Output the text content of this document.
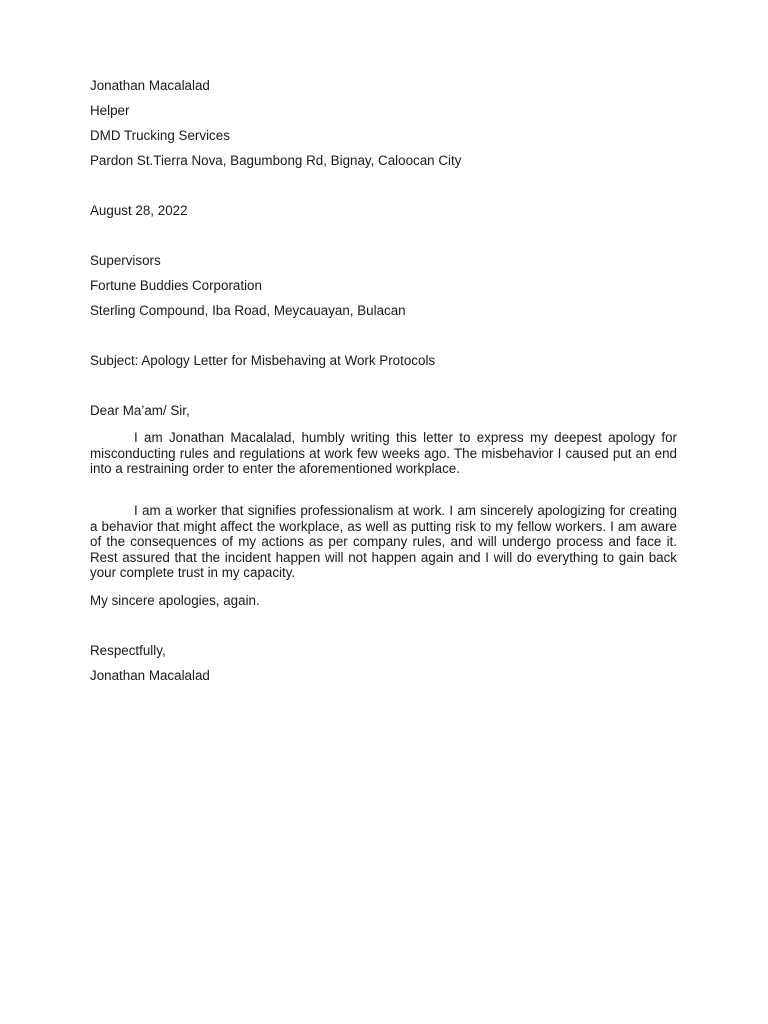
Jonathan Macalalad
Helper
DMD Trucking Services
Pardon St.Tierra Nova, Bagumbong Rd, Bignay, Caloocan City
August 28, 2022
Supervisors
Fortune Buddies Corporation
Sterling Compound, Iba Road, Meycauayan, Bulacan
Subject: Apology Letter for Misbehaving at Work Protocols
Dear Ma’am/ Sir,

I am Jonathan Macalalad, humbly writing this letter to express my deepest apology for misconducting rules and regulations at work few weeks ago. The misbehavior I caused put an end into a restraining order to enter the aforementioned workplace.

I am a worker that signifies professionalism at work. I am sincerely apologizing for creating a behavior that might affect the workplace, as well as putting risk to my fellow workers. I am aware of the consequences of my actions as per company rules, and will undergo process and face it. Rest assured that the incident happen will not happen again and I will do everything to gain back your complete trust in my capacity.

My sincere apologies, again.
Respectfully,
Jonathan Macalalad
